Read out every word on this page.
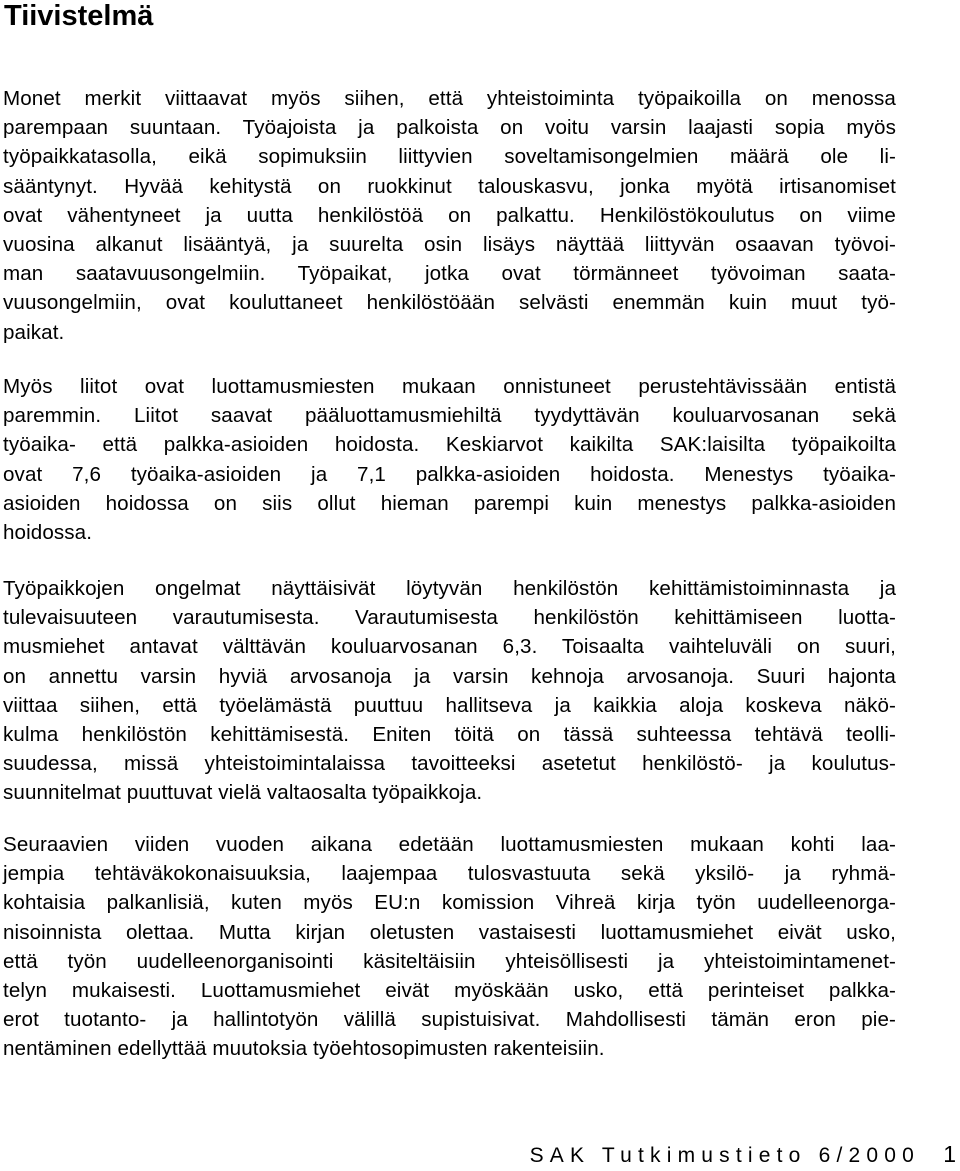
Tiivistelmä
Monet merkit viittaavat myös siihen, että yhteistoiminta työpaikoilla on menossa
parempaan suuntaan. Työajoista ja palkoista on voitu varsin laajasti sopia myös
työpaikkatasolla, eikä sopimuksiin liittyvien soveltamisongelmien määrä ole li-
sääntynyt. Hyvää kehitystä on ruokkinut talouskasvu, jonka myötä irtisanomiset
ovat vähentyneet ja uutta henkilöstöä on palkattu. Henkilöstökoulutus on viime
vuosina alkanut lisääntyä, ja suurelta osin lisäys näyttää liittyvän osaavan työvoi-
man saatavuusongelmiin. Työpaikat, jotka ovat törmänneet työvoiman saata-
vuusongelmiin, ovat kouluttaneet henkilöstöään selvästi enemmän kuin muut työ-
paikat.
Myös liitot ovat luottamusmiesten mukaan onnistuneet perustehtävissään entistä
paremmin. Liitot saavat pääluottamusmiehiltä tyydyttävän kouluarvosanan sekä
työaika- että palkka-asioiden hoidosta. Keskiarvot kaikilta SAK:laisilta työpaikoilta
ovat 7,6 työaika-asioiden ja 7,1 palkka-asioiden hoidosta. Menestys työaika-
asioiden hoidossa on siis ollut hieman parempi kuin menestys palkka-asioiden
hoidossa.
Työpaikkojen ongelmat näyttäisivät löytyvän henkilöstön kehittämistoiminnasta ja
tulevaisuuteen varautumisesta. Varautumisesta henkilöstön kehittämiseen luotta-
musmiehet antavat välttävän kouluarvosanan 6,3. Toisaalta vaihteluväli on suuri,
on annettu varsin hyviä arvosanoja ja varsin kehnoja arvosanoja. Suuri hajonta
viittaa siihen, että työelämästä puuttuu hallitseva ja kaikkia aloja koskeva näkö-
kulma henkilöstön kehittämisestä. Eniten töitä on tässä suhteessa tehtävä teolli-
suudessa, missä yhteistoimintalaissa tavoitteeksi asetetut henkilöstö- ja koulutus-
suunnitelmat puuttuvat vielä valtaosalta työpaikkoja.
Seuraavien viiden vuoden aikana edetään luottamusmiesten mukaan kohti laa-
jempia tehtäväkokonaisuuksia, laajempaa tulosvastuuta sekä yksilö- ja ryhmä-
kohtaisia palkanlisiä, kuten myös EU:n komission Vihreä kirja työn uudelleenorga-
nisoinnista olettaa. Mutta kirjan oletusten vastaisesti luottamusmiehet eivät usko,
että työn uudelleenorganisointi käsiteltäisiin yhteisöllisesti ja yhteistoimintamenet-
telyn mukaisesti. Luottamusmiehet eivät myöskään usko, että perinteiset palkka-
erot tuotanto- ja hallintotyön välillä supistuisivat. Mahdollisesti tämän eron pie-
nentäminen edellyttää muutoksia työehtosopimusten rakenteisiin.
SAK Tutkimustieto 6/2000 1
